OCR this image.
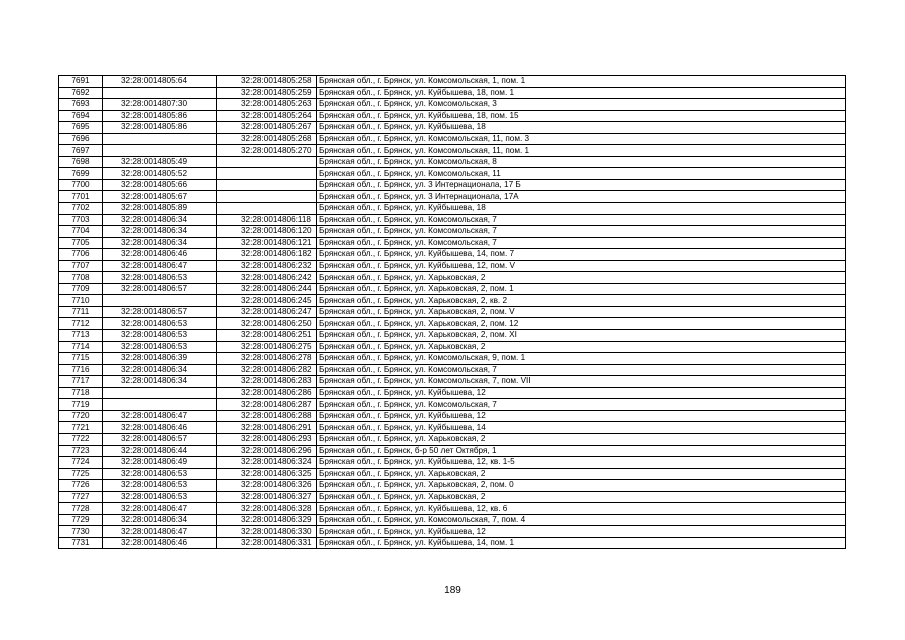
7691	32:28:0014805:64	32:28:0014805:258	Брянская обл., г. Брянск, ул. Комсомольская, 1, пом. 1
7692		32:28:0014805:259	Брянская обл., г. Брянск, ул. Куйбышева, 18, пом. 1
7693	32:28:0014807:30	32:28:0014805:263	Брянская обл., г. Брянск, ул. Комсомольская, 3
7694	32:28:0014805:86	32:28:0014805:264	Брянская обл., г. Брянск, ул. Куйбышева, 18, пом. 15
7695	32:28:0014805:86	32:28:0014805:267	Брянская обл., г. Брянск, ул. Куйбышева, 18
7696		32:28:0014805:268	Брянская обл., г. Брянск, ул. Комсомольская, 11, пом. 3
7697		32:28:0014805:270	Брянская обл., г. Брянск, ул. Комсомольская, 11, пом. 1
7698	32:28:0014805:49		Брянская обл., г. Брянск, ул. Комсомольская, 8
7699	32:28:0014805:52		Брянская обл., г. Брянск, ул. Комсомольская, 11
7700	32:28:0014805:66		Брянская обл., г. Брянск, ул. 3 Интернационала, 17 Б
7701	32:28:0014805:67		Брянская обл., г. Брянск, ул. 3 Интернационала, 17А
7702	32:28:0014805:89		Брянская обл., г. Брянск, ул. Куйбышева, 18
7703	32:28:0014806:34	32:28:0014806:118	Брянская обл., г. Брянск, ул. Комсомольская, 7
7704	32:28:0014806:34	32:28:0014806:120	Брянская обл., г. Брянск, ул. Комсомольская, 7
7705	32:28:0014806:34	32:28:0014806:121	Брянская обл., г. Брянск, ул. Комсомольская, 7
7706	32:28:0014806:46	32:28:0014806:182	Брянская обл., г. Брянск, ул. Куйбышева, 14, пом. 7
7707	32:28:0014806:47	32:28:0014806:232	Брянская обл., г. Брянск, ул. Куйбышева, 12, пом. V
7708	32:28:0014806:53	32:28:0014806:242	Брянская обл., г. Брянск, ул. Харьковская, 2
7709	32:28:0014806:57	32:28:0014806:244	Брянская обл., г. Брянск, ул. Харьковская, 2, пом. 1
7710		32:28:0014806:245	Брянская обл., г. Брянск, ул. Харьковская, 2, кв. 2
7711	32:28:0014806:57	32:28:0014806:247	Брянская обл., г. Брянск, ул. Харьковская, 2, пом. V
7712	32:28:0014806:53	32:28:0014806:250	Брянская обл., г. Брянск, ул. Харьковская, 2, пом. 12
7713	32:28:0014806:53	32:28:0014806:251	Брянская обл., г. Брянск, ул. Харьковская, 2, пом. XI
7714	32:28:0014806:53	32:28:0014806:275	Брянская обл., г. Брянск, ул. Харьковская, 2
7715	32:28:0014806:39	32:28:0014806:278	Брянская обл., г. Брянск, ул. Комсомольская, 9, пом. 1
7716	32:28:0014806:34	32:28:0014806:282	Брянская обл., г. Брянск, ул. Комсомольская, 7
7717	32:28:0014806:34	32:28:0014806:283	Брянская обл., г. Брянск, ул. Комсомольская, 7, пом. VII
7718		32:28:0014806:286	Брянская обл., г. Брянск, ул. Куйбышева, 12
7719		32:28:0014806:287	Брянская обл., г. Брянск, ул. Комсомольская, 7
7720	32:28:0014806:47	32:28:0014806:288	Брянская обл., г. Брянск, ул. Куйбышева, 12
7721	32:28:0014806:46	32:28:0014806:291	Брянская обл., г. Брянск, ул. Куйбышева, 14
7722	32:28:0014806:57	32:28:0014806:293	Брянская обл., г. Брянск, ул. Харьковская, 2
7723	32:28:0014806:44	32:28:0014806:296	Брянская обл., г. Брянск, б-р 50 лет Октября, 1
7724	32:28:0014806:49	32:28:0014806:324	Брянская обл., г. Брянск, ул. Куйбышева, 12, кв. 1-5
7725	32:28:0014806:53	32:28:0014806:325	Брянская обл., г. Брянск, ул. Харьковская, 2
7726	32:28:0014806:53	32:28:0014806:326	Брянская обл., г. Брянск, ул. Харьковская, 2, пом. 0
7727	32:28:0014806:53	32:28:0014806:327	Брянская обл., г. Брянск, ул. Харьковская, 2
7728	32:28:0014806:47	32:28:0014806:328	Брянская обл., г. Брянск, ул. Куйбышева, 12, кв. 6
7729	32:28:0014806:34	32:28:0014806:329	Брянская обл., г. Брянск, ул. Комсомольская, 7, пом. 4
7730	32:28:0014806:47	32:28:0014806:330	Брянская обл., г. Брянск, ул. Куйбышева, 12
7731	32:28:0014806:46	32:28:0014806:331	Брянская обл., г. Брянск, ул. Куйбышева, 14, пом. 1
189
